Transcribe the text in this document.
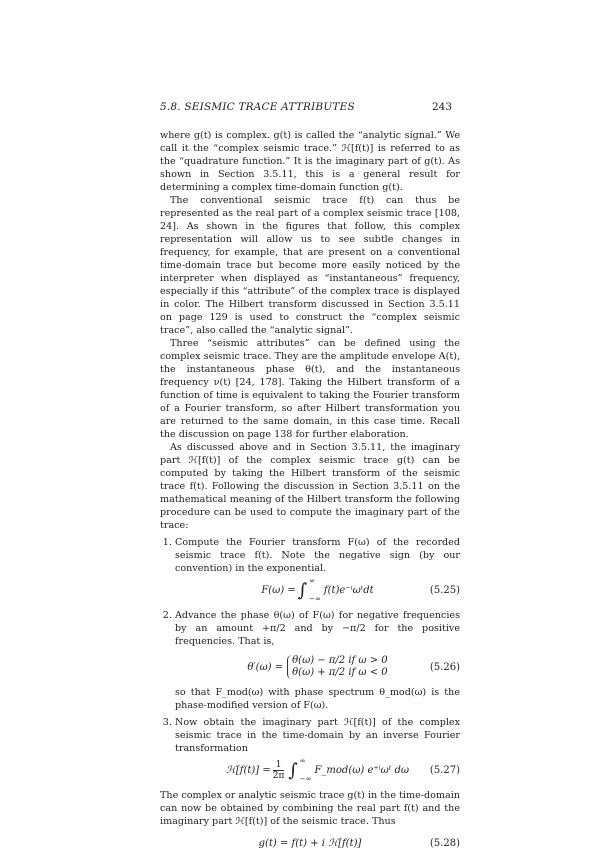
5.8. SEISMIC TRACE ATTRIBUTES	243

where g(t) is complex. g(t) is called the “analytic signal.” We call it the “complex seismic trace.” ℋ[f(t)] is referred to as the “quadrature function.” It is the imaginary part of g(t). As shown in Section 3.5.11, this is a general result for determining a complex time-domain function g(t).

The conventional seismic trace f(t) can thus be represented as the real part of a complex seismic trace [108, 24]. As shown in the figures that follow, this complex representation will allow us to see subtle changes in frequency, for example, that are present on a conventional time-domain trace but become more easily noticed by the interpreter when displayed as “instantaneous” frequency, especially if this “attribute” of the complex trace is displayed in color. The Hilbert transform discussed in Section 3.5.11 on page 129 is used to construct the “complex seismic trace”, also called the “analytic signal”.

Three “seismic attributes” can be defined using the complex seismic trace. They are the amplitude envelope A(t), the instantaneous phase θ(t), and the instantaneous frequency ν(t) [24, 178]. Taking the Hilbert transform of a function of time is equivalent to taking the Fourier transform of a Fourier transform, so after Hilbert transformation you are returned to the same domain, in this case time. Recall the discussion on page 138 for further elaboration.

As discussed above and in Section 3.5.11, the imaginary part ℋ[f(t)] of the complex seismic trace g(t) can be computed by taking the Hilbert transform of the seismic trace f(t). Following the discussion in Section 3.5.11 on the mathematical meaning of the Hilbert transform the following procedure can be used to compute the imaginary part of the trace:

1. Compute the Fourier transform F(ω) of the recorded seismic trace f(t). Note the negative sign (by our convention) in the exponential.
F(ω) = ∫ ∞
−∞
f(t)e⁻ⁱωᵗdt	(5.25)
2. Advance the phase θ(ω) of F(ω) for negative frequencies by an amount +π/2 and by −π/2 for the positive frequencies. That is,
θ′(ω) =
θ(ω) − π/2 if ω > 0
θ(ω) + π/2 if ω < 0	(5.26)
so that F_mod(ω) with phase spectrum θ_mod(ω) is the phase-modified version of F(ω).
3. Now obtain the imaginary part ℋ[f(t)] of the complex seismic trace in the time-domain by an inverse Fourier transformation
ℋ[f(t)] = $\frac{1}{2\pi}$ ∫ ∞
−∞
F_mod(ω) e⁺ⁱωᵗ dω (5.27)

The complex or analytic seismic trace g(t) in the time-domain can now be obtained by combining the real part f(t) and the imaginary part ℋ[f(t)] of the seismic trace. Thus

g(t) = f(t) + i ℋ[f(t)]	(5.28)
